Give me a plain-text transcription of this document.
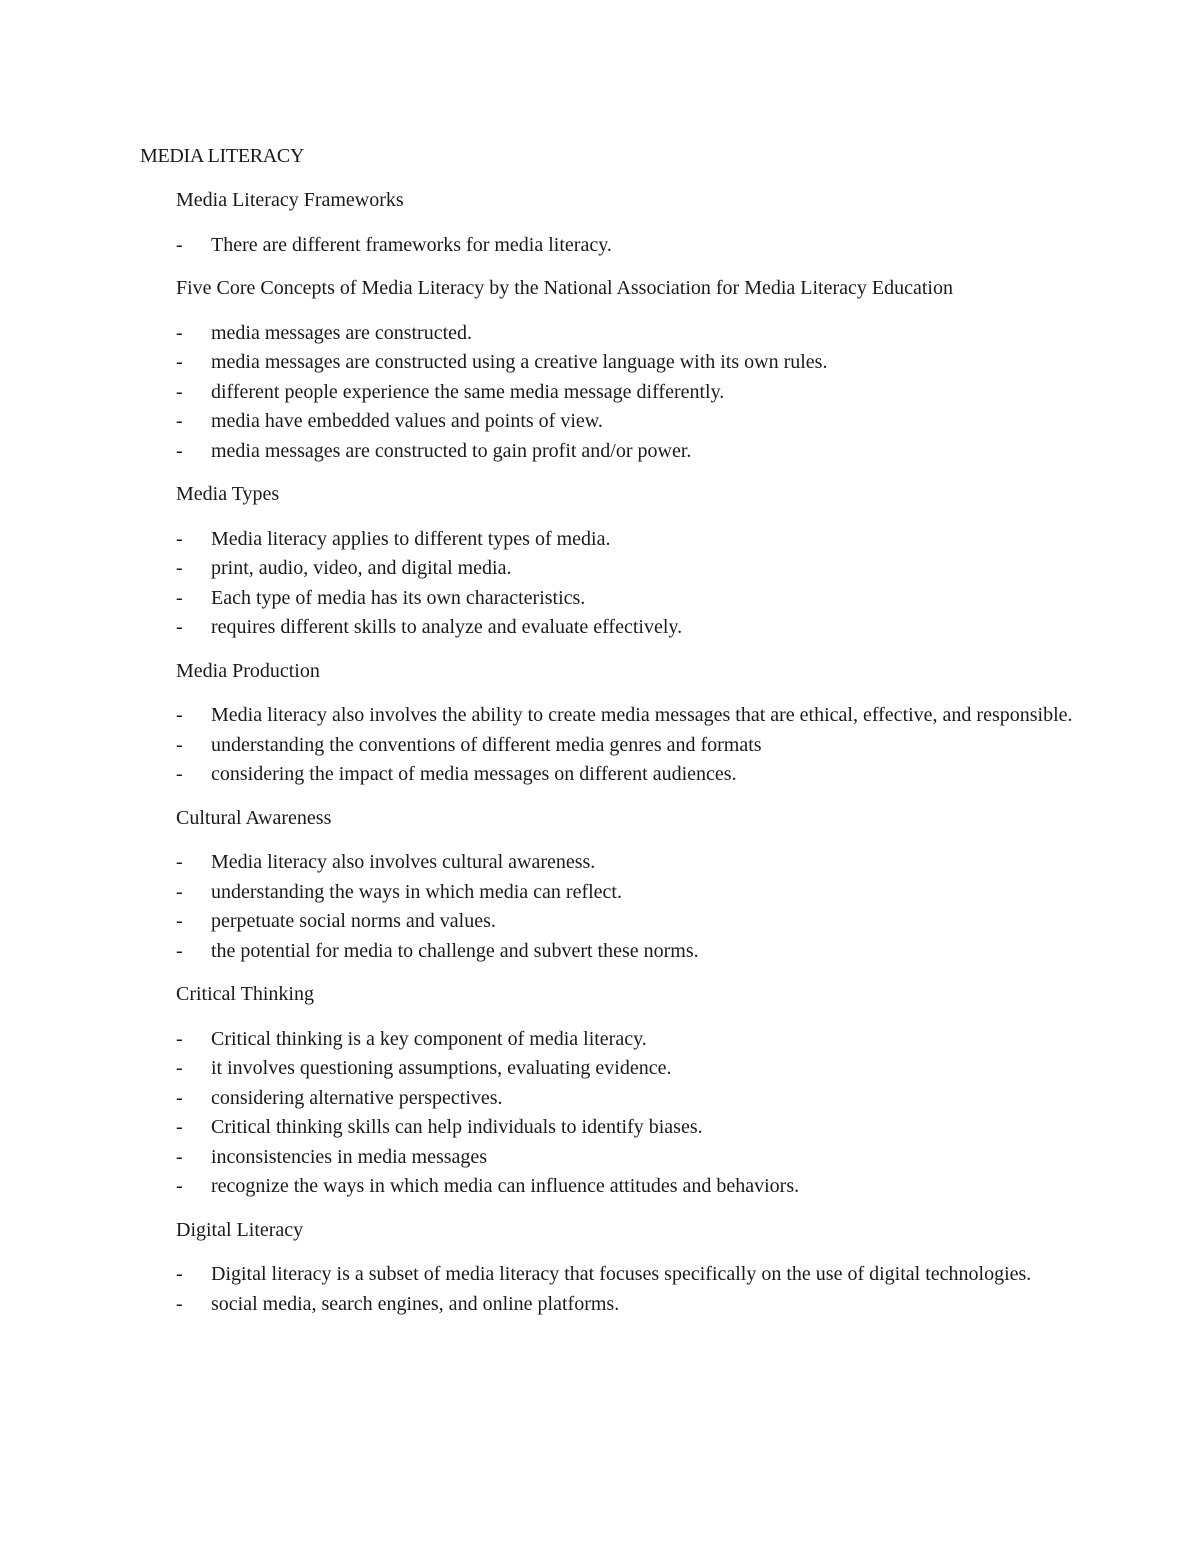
MEDIA LITERACY
Media Literacy Frameworks
- There are different frameworks for media literacy.
Five Core Concepts of Media Literacy by the National Association for Media Literacy Education
- media messages are constructed.
- media messages are constructed using a creative language with its own rules.
- different people experience the same media message differently.
- media have embedded values and points of view.
- media messages are constructed to gain profit and/or power.
Media Types
- Media literacy applies to different types of media.
- print, audio, video, and digital media.
- Each type of media has its own characteristics.
- requires different skills to analyze and evaluate effectively.
Media Production
- Media literacy also involves the ability to create media messages that are ethical, effective, and responsible.
- understanding the conventions of different media genres and formats
- considering the impact of media messages on different audiences.
Cultural Awareness
- Media literacy also involves cultural awareness.
- understanding the ways in which media can reflect.
- perpetuate social norms and values.
- the potential for media to challenge and subvert these norms.
Critical Thinking
- Critical thinking is a key component of media literacy.
- it involves questioning assumptions, evaluating evidence.
- considering alternative perspectives.
- Critical thinking skills can help individuals to identify biases.
- inconsistencies in media messages
- recognize the ways in which media can influence attitudes and behaviors.
Digital Literacy
- Digital literacy is a subset of media literacy that focuses specifically on the use of digital technologies.
- social media, search engines, and online platforms.
